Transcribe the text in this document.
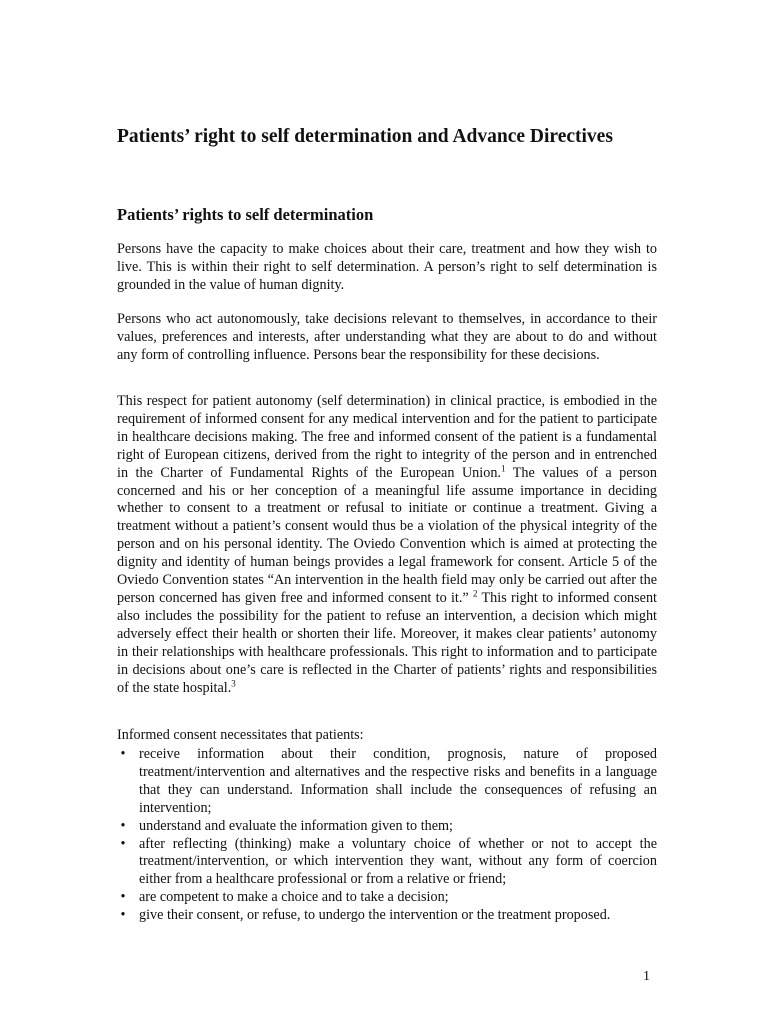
Patients’ right to self determination and Advance Directives
Patients’ rights to self determination

Persons have the capacity to make choices about their care, treatment and how they wish to live. This is within their right to self determination. A person’s right to self determination is grounded in the value of human dignity.

Persons who act autonomously, take decisions relevant to themselves, in accordance to their values, preferences and interests, after understanding what they are about to do and without any form of controlling influence. Persons bear the responsibility for these decisions.

This respect for patient autonomy (self determination) in clinical practice, is embodied in the requirement of informed consent for any medical intervention and for the patient to participate in healthcare decisions making. The free and informed consent of the patient is a fundamental right of European citizens, derived from the right to integrity of the person and in entrenched in the Charter of Fundamental Rights of the European Union.$^1$ The values of a person concerned and his or her conception of a meaningful life assume importance in deciding whether to consent to a treatment or refusal to initiate or continue a treatment. Giving a treatment without a patient’s consent would thus be a violation of the physical integrity of the person and on his personal identity. The Oviedo Convention which is aimed at protecting the dignity and identity of human beings provides a legal framework for consent. Article 5 of the Oviedo Convention states “An intervention in the health field may only be carried out after the person concerned has given free and informed consent to it.” $^2$ This right to informed consent also includes the possibility for the patient to refuse an intervention, a decision which might adversely effect their health or shorten their life. Moreover, it makes clear patients’ autonomy in their relationships with healthcare professionals. This right to information and to participate in decisions about one’s care is reflected in the Charter of patients’ rights and responsibilities of the state hospital.$^3$

Informed consent necessitates that patients:

• receive information about their condition, prognosis, nature of proposed treatment/intervention and alternatives and the respective risks and benefits in a language that they can understand. Information shall include the consequences of refusing an intervention;
• understand and evaluate the information given to them;
• after reflecting (thinking) make a voluntary choice of whether or not to accept the treatment/intervention, or which intervention they want, without any form of coercion either from a healthcare professional or from a relative or friend;
• are competent to make a choice and to take a decision;
• give their consent, or refuse, to undergo the intervention or the treatment proposed.
1
